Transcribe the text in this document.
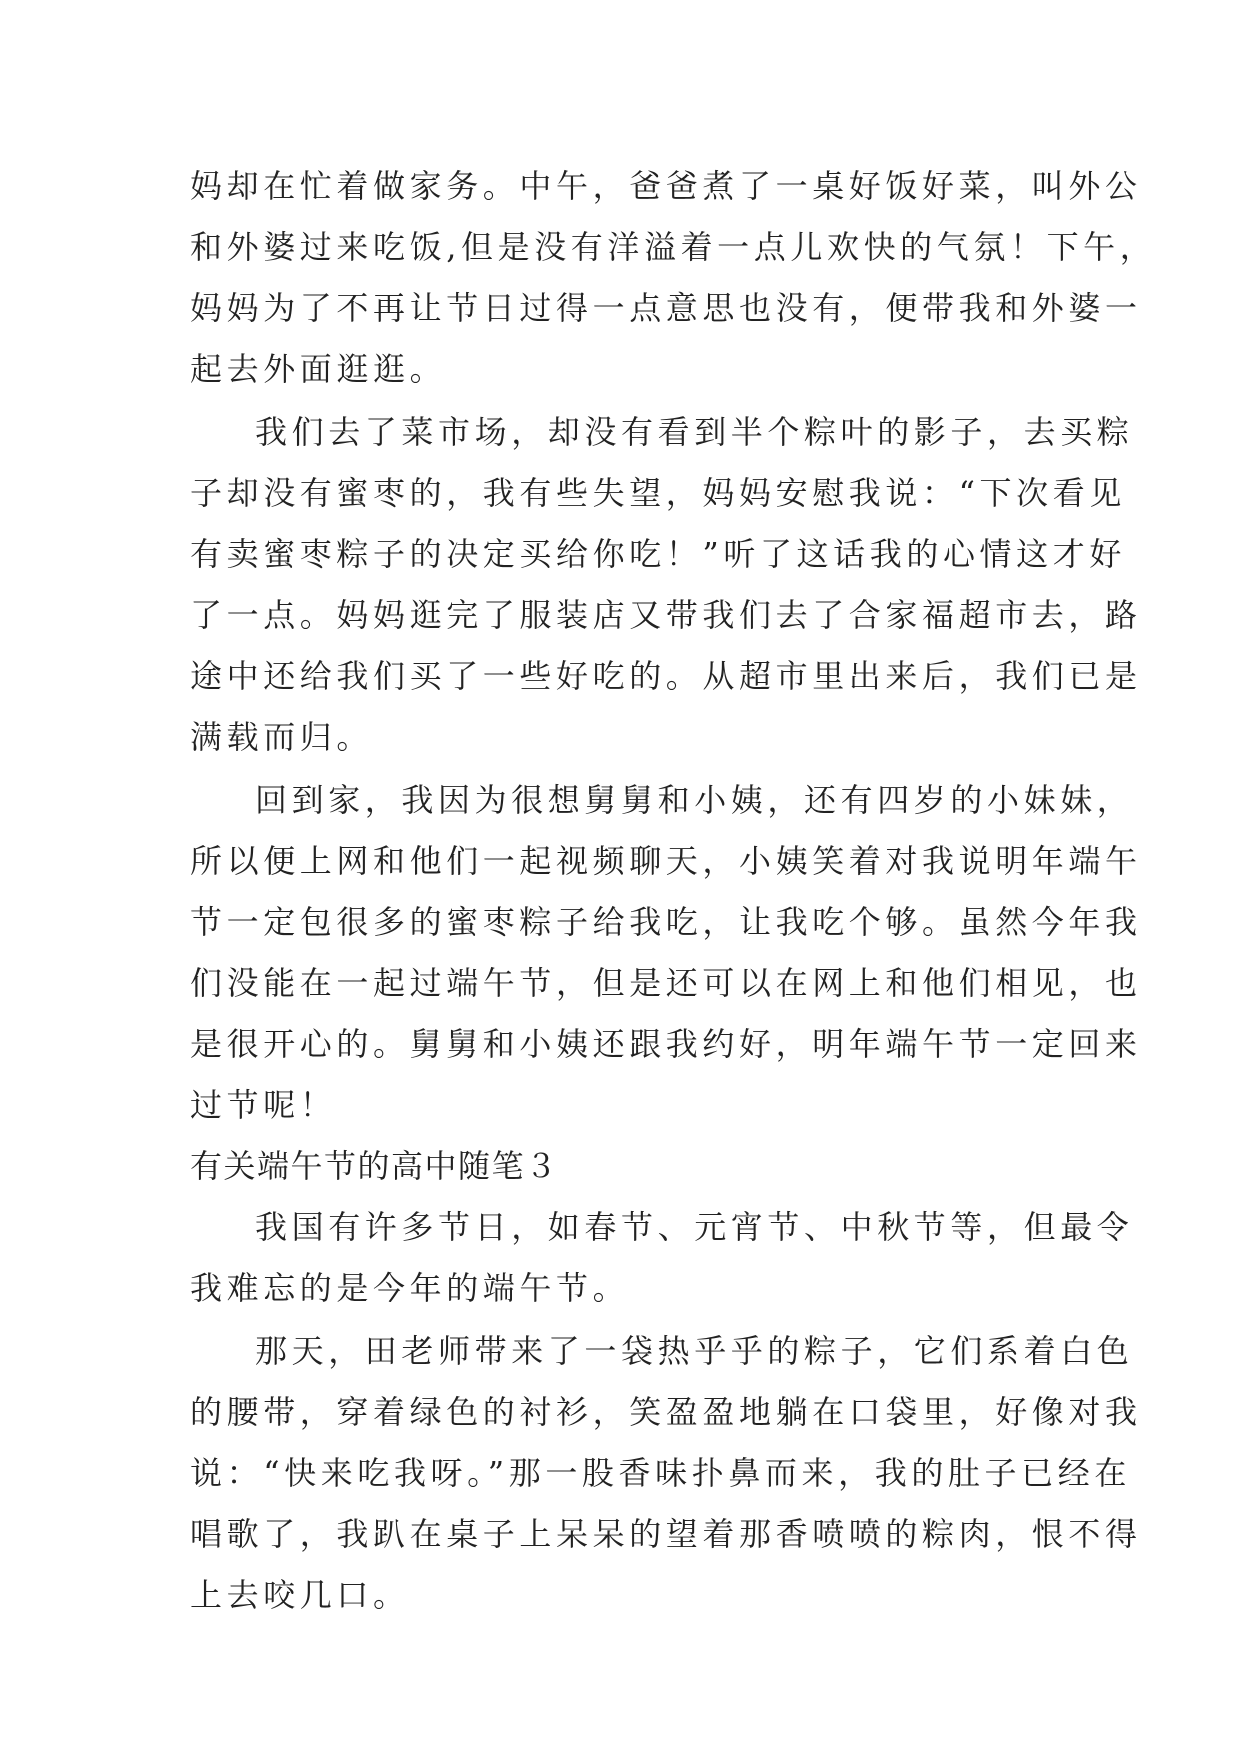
妈却在忙着做家务。中午，爸爸煮了一桌好饭好菜，叫外公
和外婆过来吃饭,但是没有洋溢着一点儿欢快的气氛！下午，
妈妈为了不再让节日过得一点意思也没有，便带我和外婆一
起去外面逛逛。
我们去了菜市场，却没有看到半个粽叶的影子，去买粽
子却没有蜜枣的，我有些失望，妈妈安慰我说：“下次看见
有卖蜜枣粽子的决定买给你吃！”听了这话我的心情这才好
了一点。妈妈逛完了服装店又带我们去了合家福超市去，路
途中还给我们买了一些好吃的。从超市里出来后，我们已是
满载而归。
回到家，我因为很想舅舅和小姨，还有四岁的小妹妹，
所以便上网和他们一起视频聊天，小姨笑着对我说明年端午
节一定包很多的蜜枣粽子给我吃，让我吃个够。虽然今年我
们没能在一起过端午节，但是还可以在网上和他们相见，也
是很开心的。舅舅和小姨还跟我约好，明年端午节一定回来
过节呢！
有关端午节的高中随笔３
我国有许多节日，如春节、元宵节、中秋节等，但最令
我难忘的是今年的端午节。
那天，田老师带来了一袋热乎乎的粽子，它们系着白色
的腰带，穿着绿色的衬衫，笑盈盈地躺在口袋里，好像对我
说：“快来吃我呀。”那一股香味扑鼻而来，我的肚子已经在
唱歌了，我趴在桌子上呆呆的望着那香喷喷的粽肉，恨不得
上去咬几口。
